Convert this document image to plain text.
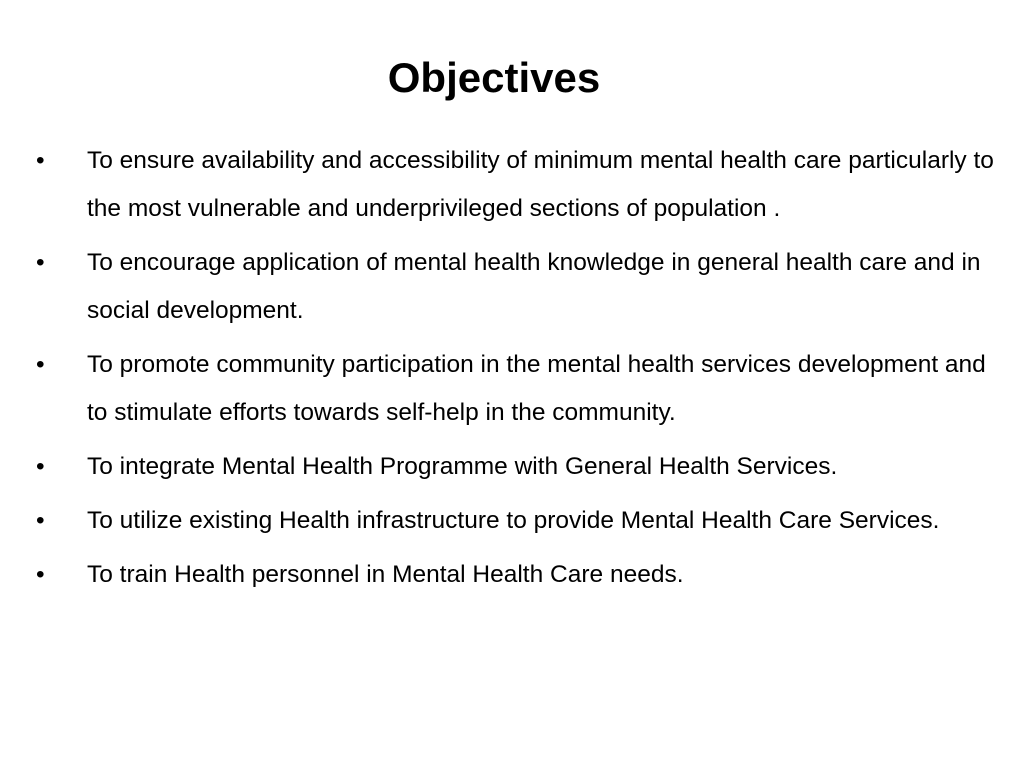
Objectives
•	To ensure availability and accessibility of minimum mental health care particularly to the most vulnerable and underprivileged sections of population .
•	To encourage application of mental health knowledge in general health care and in social development.
•	To promote community participation in the mental health services development and to stimulate efforts towards self-help in the community.
•	To integrate Mental Health Programme with General Health Services.
•	To utilize existing Health infrastructure to provide Mental Health Care Services.
•	To train Health personnel in Mental Health Care needs.
